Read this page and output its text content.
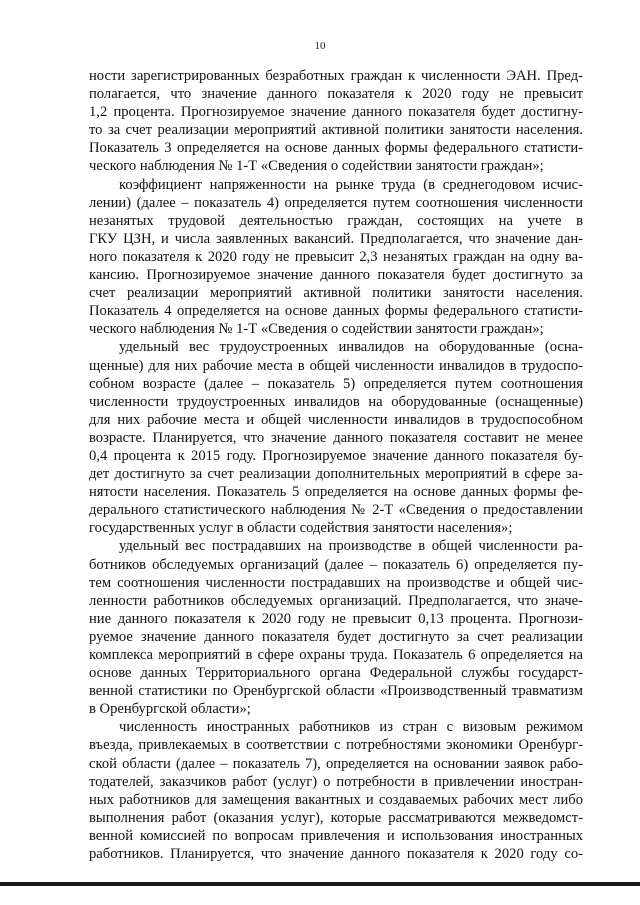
10
ности зарегистрированных безработных граждан к численности ЭАН. Пред-
полагается, что значение данного показателя к 2020 году не превысит
1,2 процента. Прогнозируемое значение данного показателя будет достигну-
то за счет реализации мероприятий активной политики занятости населения.
Показатель 3 определяется на основе данных формы федерального статисти-
ческого наблюдения № 1-Т «Сведения о содействии занятости граждан»;
коэффициент напряженности на рынке труда (в среднегодовом исчис-
лении) (далее – показатель 4) определяется путем соотношения численности
незанятых трудовой деятельностью граждан, состоящих на учете в
ГКУ ЦЗН, и числа заявленных вакансий. Предполагается, что значение дан-
ного показателя к 2020 году не превысит 2,3 незанятых граждан на одну ва-
кансию. Прогнозируемое значение данного показателя будет достигнуто за
счет реализации мероприятий активной политики занятости населения.
Показатель 4 определяется на основе данных формы федерального статисти-
ческого наблюдения № 1-Т «Сведения о содействии занятости граждан»;
удельный вес трудоустроенных инвалидов на оборудованные (осна-
щенные) для них рабочие места в общей численности инвалидов в трудоспо-
собном возрасте (далее – показатель 5) определяется путем соотношения
численности трудоустроенных инвалидов на оборудованные (оснащенные)
для них рабочие места и общей численности инвалидов в трудоспособном
возрасте. Планируется, что значение данного показателя составит не менее
0,4 процента к 2015 году. Прогнозируемое значение данного показателя бу-
дет достигнуто за счет реализации дополнительных мероприятий в сфере за-
нятости населения. Показатель 5 определяется на основе данных формы фе-
дерального статистического наблюдения № 2-Т «Сведения о предоставлении
государственных услуг в области содействия занятости населения»;
удельный вес пострадавших на производстве в общей численности ра-
ботников обследуемых организаций (далее – показатель 6) определяется пу-
тем соотношения численности пострадавших на производстве и общей чис-
ленности работников обследуемых организаций. Предполагается, что значе-
ние данного показателя к 2020 году не превысит 0,13 процента. Прогнози-
руемое значение данного показателя будет достигнуто за счет реализации
комплекса мероприятий в сфере охраны труда. Показатель 6 определяется на
основе данных Территориального органа Федеральной службы государст-
венной статистики по Оренбургской области «Производственный травматизм
в Оренбургской области»;
численность иностранных работников из стран с визовым режимом
въезда, привлекаемых в соответствии с потребностями экономики Оренбург-
ской области (далее – показатель 7), определяется на основании заявок рабо-
тодателей, заказчиков работ (услуг) о потребности в привлечении иностран-
ных работников для замещения вакантных и создаваемых рабочих мест либо
выполнения работ (оказания услуг), которые рассматриваются межведомст-
венной комиссией по вопросам привлечения и использования иностранных
работников. Планируется, что значение данного показателя к 2020 году со-
